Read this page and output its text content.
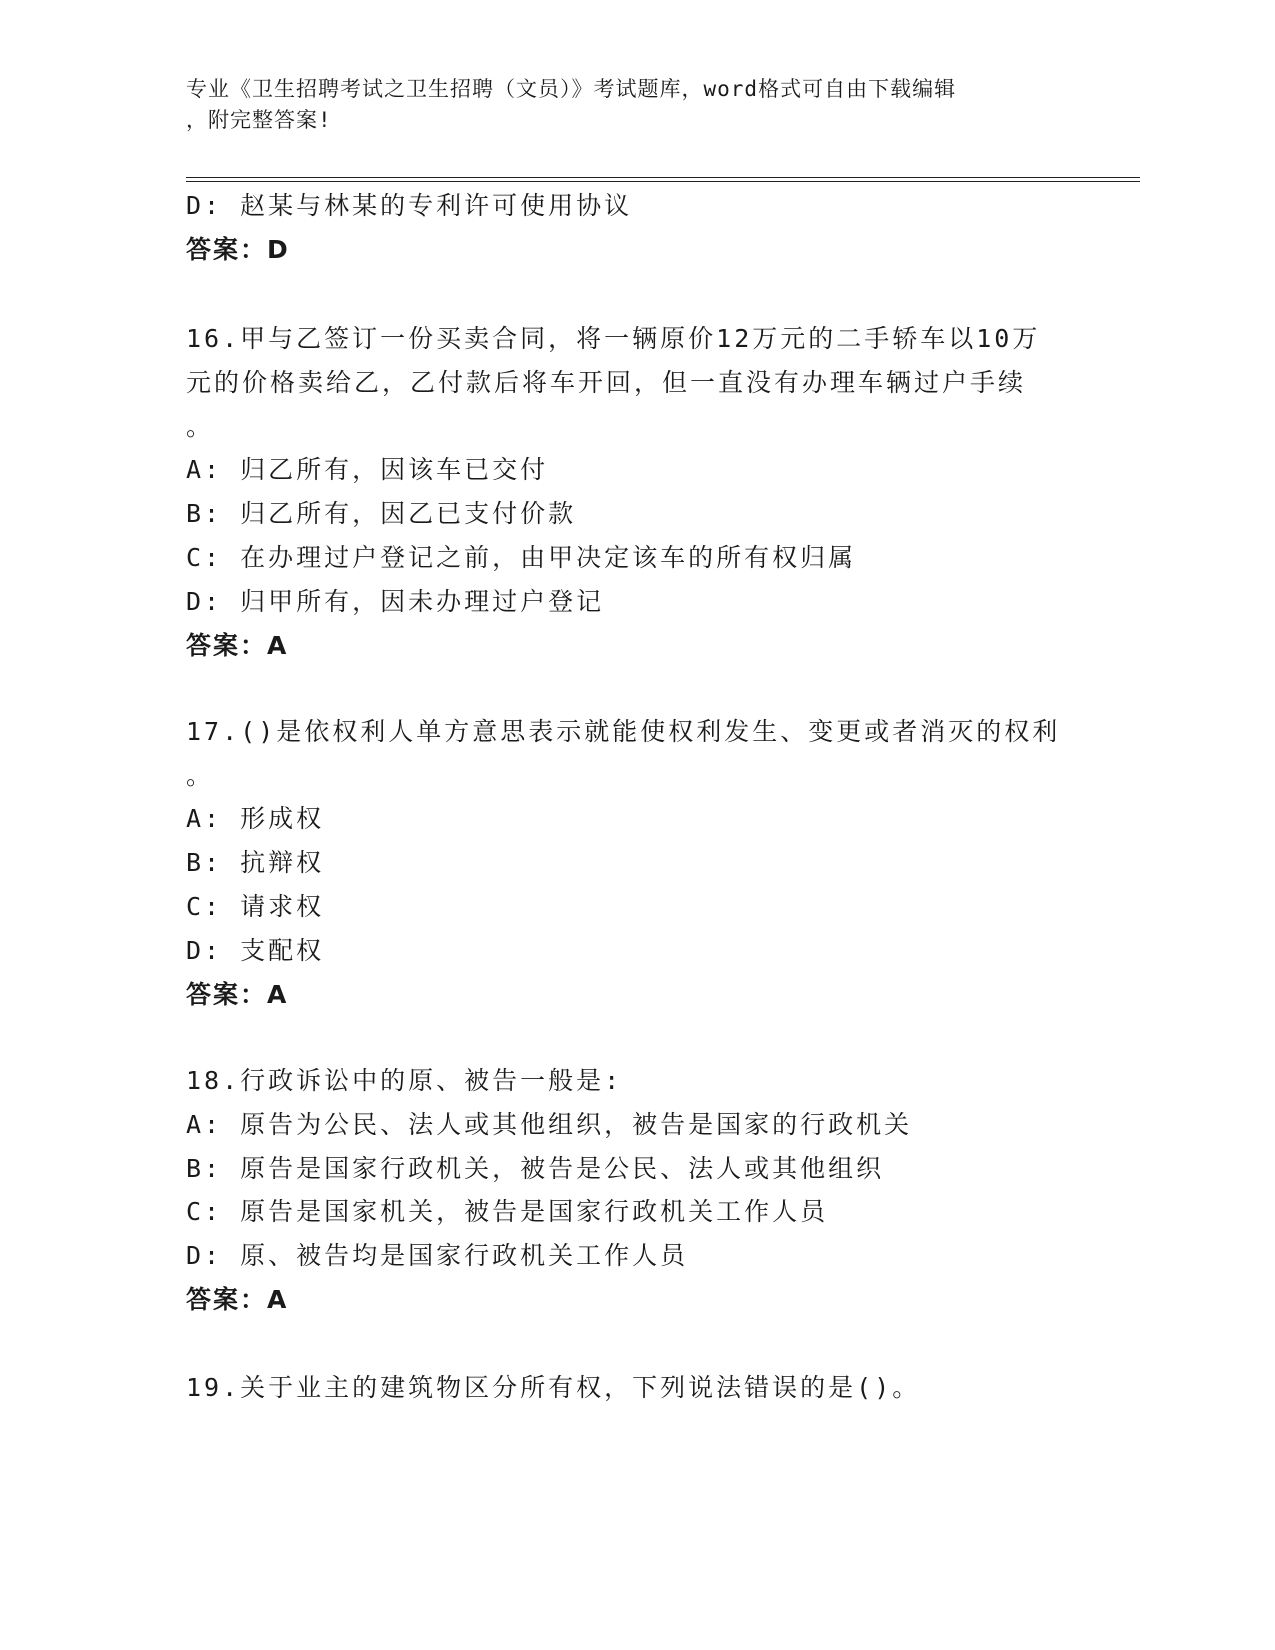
专业《卫生招聘考试之卫生招聘（文员）》考试题库，word格式可自由下载编辑
，附完整答案!
D: 赵某与林某的专利许可使用协议
答案：D
16.甲与乙签订一份买卖合同，将一辆原价12万元的二手轿车以10万
元的价格卖给乙，乙付款后将车开回，但一直没有办理车辆过户手续
。
A: 归乙所有，因该车已交付
B: 归乙所有，因乙已支付价款
C: 在办理过户登记之前，由甲决定该车的所有权归属
D: 归甲所有，因未办理过户登记
答案：A
17.()是依权利人单方意思表示就能使权利发生、变更或者消灭的权利
。
A: 形成权
B: 抗辩权
C: 请求权
D: 支配权
答案：A
18.行政诉讼中的原、被告一般是:
A: 原告为公民、法人或其他组织，被告是国家的行政机关
B: 原告是国家行政机关，被告是公民、法人或其他组织
C: 原告是国家机关，被告是国家行政机关工作人员
D: 原、被告均是国家行政机关工作人员
答案：A
19.关于业主的建筑物区分所有权，下列说法错误的是()。
